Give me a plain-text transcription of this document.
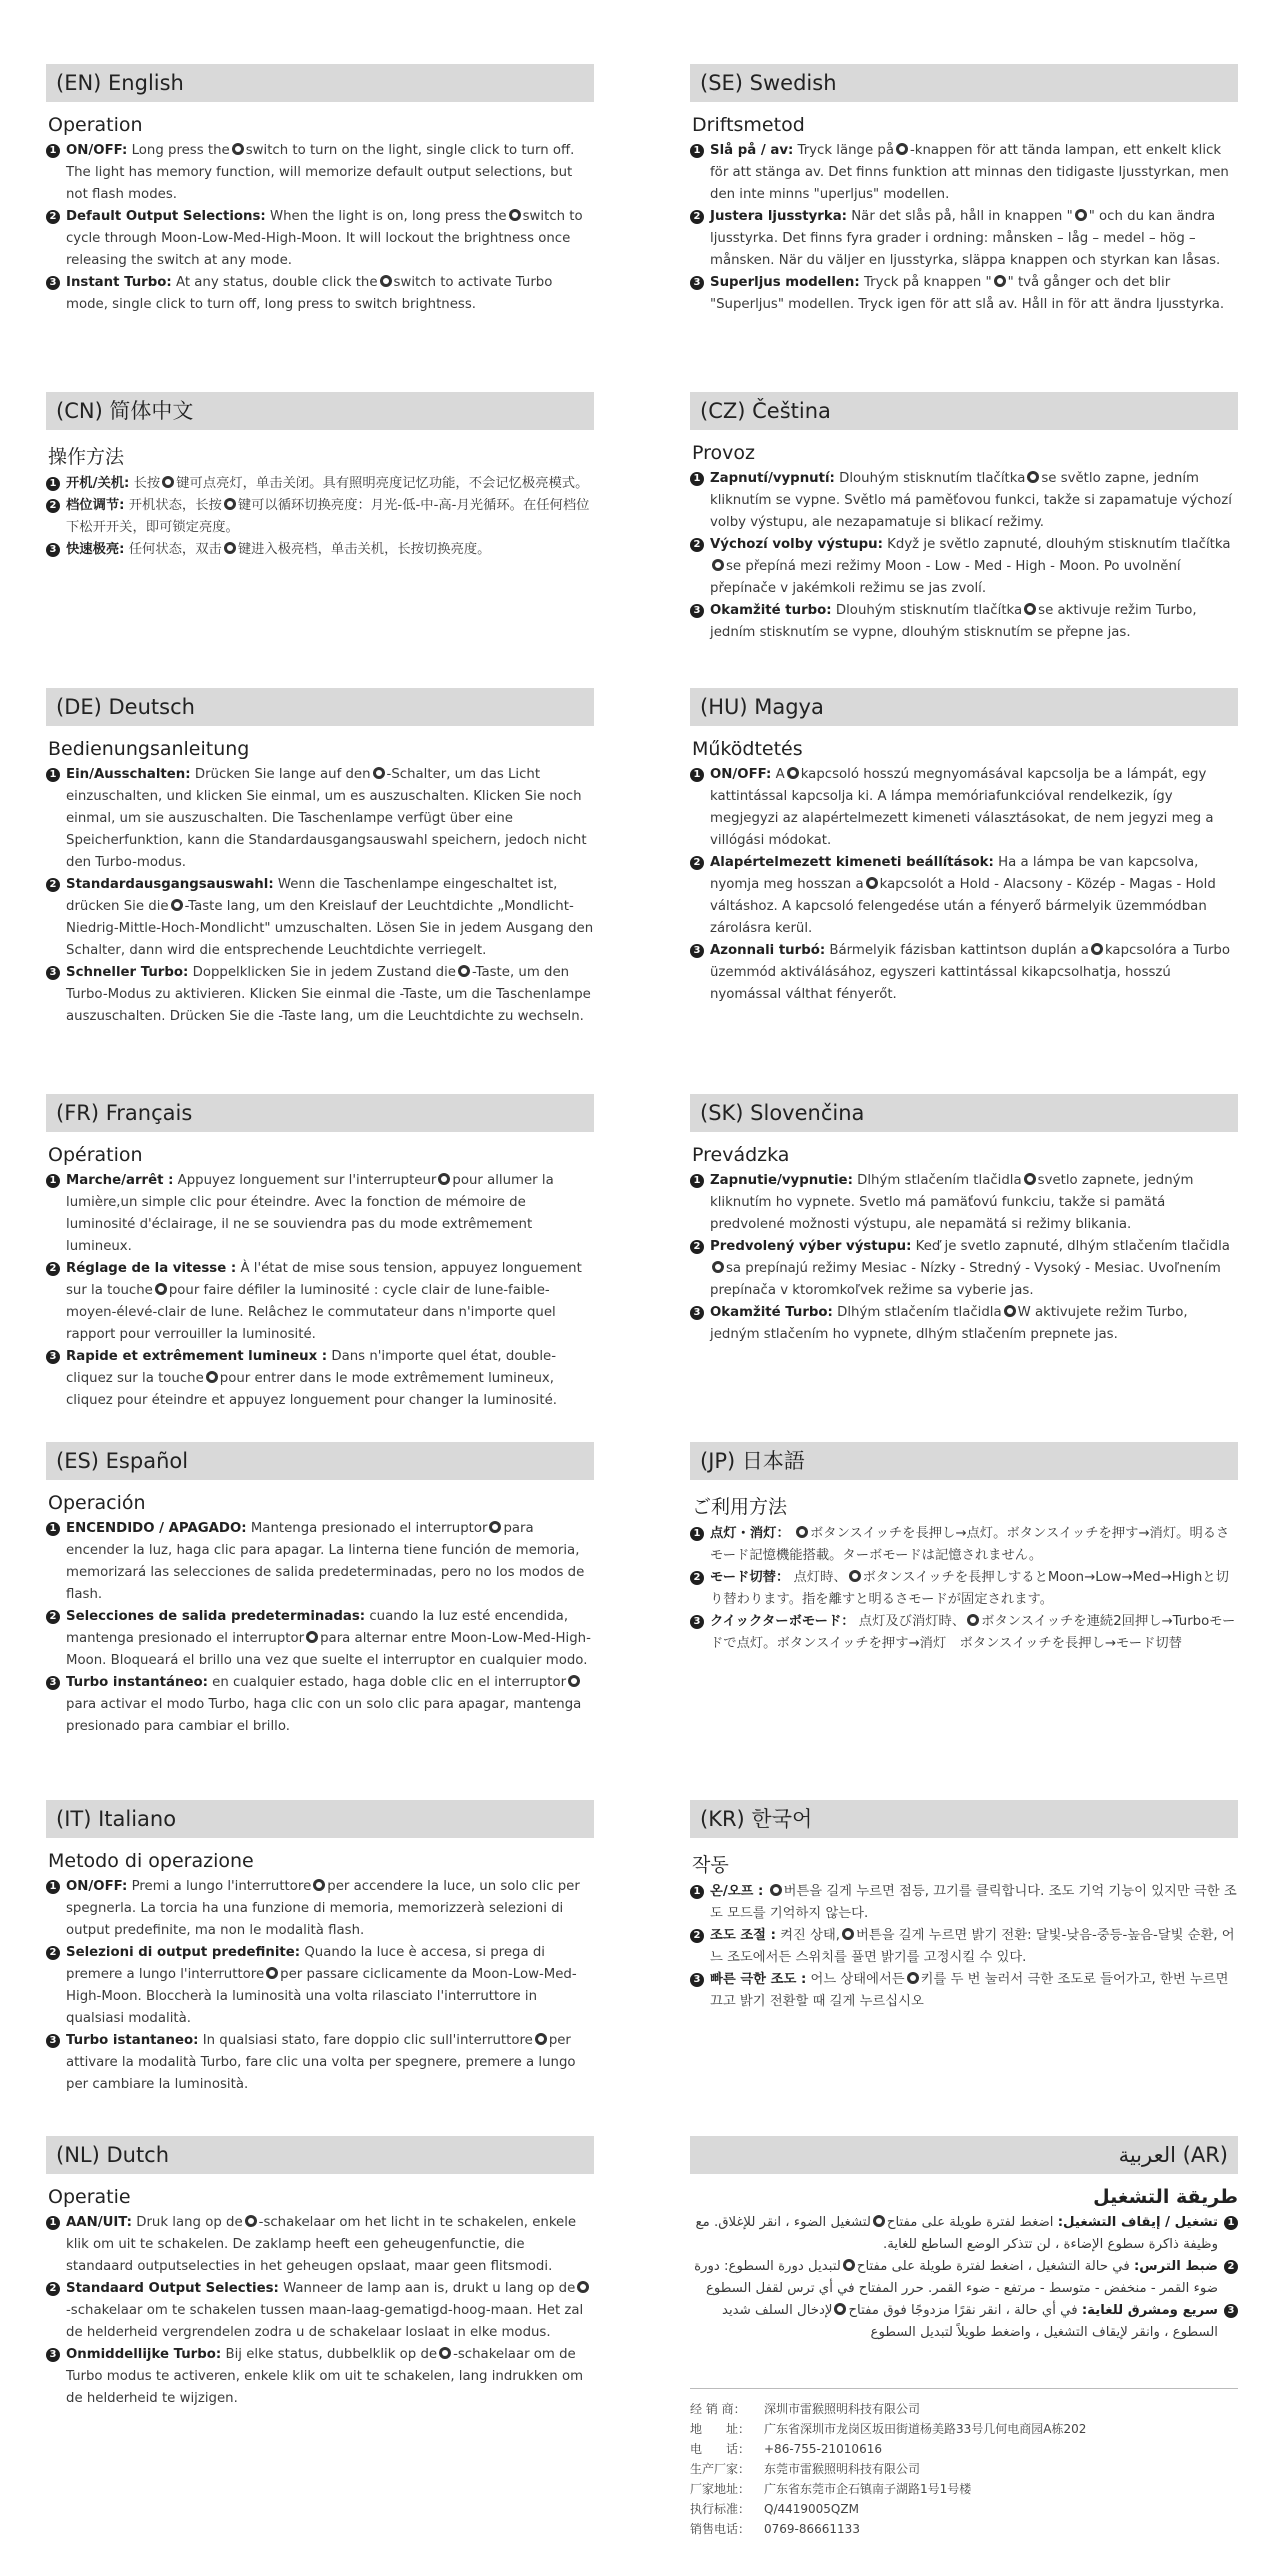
(EN) English
Operation
1 ON/OFF: Long press the switch to turn on the light, single click to turn off. The light has memory function, will memorize default output selections, but not flash modes.
2 Default Output Selections: When the light is on, long press the switch to cycle through Moon-Low-Med-High-Moon. It will lockout the brightness once releasing the switch at any mode.
3 Instant Turbo: At any status, double click the switch to activate Turbo mode, single click to turn off, long press to switch brightness.
(CN) 简体中文
操作方法
1 开机/关机: 长按 键可点亮灯，单击关闭。具有照明亮度记忆功能，不会记忆极亮模式。
2 档位调节: 开机状态，长按 键可以循环切换亮度：月光-低-中-高-月光循环。在任何档位下松开开关，即可锁定亮度。
3 快速极亮: 任何状态，双击 键进入极亮档，单击关机，长按切换亮度。
(DE) Deutsch
Bedienungsanleitung
1 Ein/Ausschalten: Drücken Sie lange auf den -Schalter, um das Licht einzuschalten, und klicken Sie einmal, um es auszuschalten. Klicken Sie noch einmal, um sie auszuschalten. Die Taschenlampe verfügt über eine Speicherfunktion, kann die Standardausgangsauswahl speichern, jedoch nicht den Turbo-modus.
2 Standardausgangsauswahl: Wenn die Taschenlampe eingeschaltet ist, drücken Sie die -Taste lang, um den Kreislauf der Leuchtdichte „Mondlicht-Niedrig-Mittle-Hoch-Mondlicht" umzuschalten. Lösen Sie in jedem Ausgang den Schalter, dann wird die entsprechende Leuchtdichte verriegelt.
3 Schneller Turbo: Doppelklicken Sie in jedem Zustand die -Taste, um den Turbo-Modus zu aktivieren. Klicken Sie einmal die -Taste, um die Taschenlampe auszuschalten. Drücken Sie die -Taste lang, um die Leuchtdichte zu wechseln.
(FR) Français
Opération
1 Marche/arrêt : Appuyez longuement sur l'interrupteur pour allumer la lumière,un simple clic pour éteindre. Avec la fonction de mémoire de luminosité d'éclairage, il ne se souviendra pas du mode extrêmement lumineux.
2 Réglage de la vitesse : À l'état de mise sous tension, appuyez longuement sur la touche pour faire défiler la luminosité : cycle clair de lune-faible-moyen-élevé-clair de lune. Relâchez le commutateur dans n'importe quel rapport pour verrouiller la luminosité.
3 Rapide et extrêmement lumineux : Dans n'importe quel état, double-cliquez sur la touche pour entrer dans le mode extrêmement lumineux, cliquez pour éteindre et appuyez longuement pour changer la luminosité.
(ES) Español
Operación
1 ENCENDIDO / APAGADO: Mantenga presionado el interruptor para encender la luz, haga clic para apagar. La linterna tiene función de memoria, memorizará las selecciones de salida predeterminadas, pero no los modos de flash.
2 Selecciones de salida predeterminadas: cuando la luz esté encendida, mantenga presionado el interruptor para alternar entre Moon-Low-Med-High-Moon. Bloqueará el brillo una vez que suelte el interruptor en cualquier modo.
3 Turbo instantáneo: en cualquier estado, haga doble clic en el interruptorpara activar el modo Turbo, haga clic con un solo clic para apagar, mantenga presionado para cambiar el brillo.
(IT) Italiano
Metodo di operazione
1 ON/OFF: Premi a lungo l'interruttore per accendere la luce, un solo clic per spegnerla. La torcia ha una funzione di memoria, memorizzerà selezioni di output predefinite, ma non le modalità flash.
2 Selezioni di output predefinite: Quando la luce è accesa, si prega di premere a lungo l'interruttore per passare ciclicamente da Moon-Low-Med-High-Moon. Bloccherà la luminosità una volta rilasciato l'interruttore in qualsiasi modalità.
3 Turbo istantaneo: In qualsiasi stato, fare doppio clic sull'interruttore per attivare la modalità Turbo, fare clic una volta per spegnere, premere a lungo per cambiare la luminosità.
(NL) Dutch
Operatie
1 AAN/UIT: Druk lang op de -schakelaar om het licht in te schakelen, enkele klik om uit te schakelen. De zaklamp heeft een geheugenfunctie, die standaard outputselecties in het geheugen opslaat, maar geen flitsmodi.
2 Standaard Output Selecties: Wanneer de lamp aan is, drukt u lang op de-schakelaar om te schakelen tussen maan-laag-gematigd-hoog-maan. Het zal de helderheid vergrendelen zodra u de schakelaar loslaat in elke modus.
3 Onmiddellijke Turbo: Bij elke status, dubbelklik op de -schakelaar om de Turbo modus te activeren, enkele klik om uit te schakelen, lang indrukken om de helderheid te wijzigen.
(SE) Swedish
Driftsmetod
1 Slå på / av: Tryck länge på -knappen för att tända lampan, ett enkelt klick för att stänga av. Det finns funktion att minnas den tidigaste ljusstyrkan, men den inte minns "uperljus" modellen.
2 Justera ljusstyrka: När det slås på, håll in knappen " " och du kan ändra ljusstyrka. Det finns fyra grader i ordning: månsken – låg – medel – hög – månsken. När du väljer en ljusstyrka, släppa knappen och styrkan kan låsas.
3 Superljus modellen: Tryck på knappen " " två gånger och det blir "Superljus" modellen. Tryck igen för att slå av. Håll in för att ändra ljusstyrka.
(CZ) Čeština
Provoz
1 Zapnutí/vypnutí: Dlouhým stisknutím tlačítka se světlo zapne, jedním kliknutím se vypne. Světlo má paměťovou funkci, takže si zapamatuje výchozí volby výstupu, ale nezapamatuje si blikací režimy.
2 Výchozí volby výstupu: Když je světlo zapnuté, dlouhým stisknutím tlačítkase přepíná mezi režimy Moon - Low - Med - High - Moon. Po uvolnění přepínače v jakémkoli režimu se jas zvolí.
3 Okamžité turbo: Dlouhým stisknutím tlačítka se aktivuje režim Turbo, jedním stisknutím se vypne, dlouhým stisknutím se přepne jas.
(HU) Magya
Működtetés
1 ON/OFF: A kapcsoló hosszú megnyomásával kapcsolja be a lámpát, egy kattintással kapcsolja ki. A lámpa memóriafunkcióval rendelkezik, így megjegyzi az alapértelmezett kimeneti választásokat, de nem jegyzi meg a villógási módokat.
2 Alapértelmezett kimeneti beállítások: Ha a lámpa be van kapcsolva, nyomja meg hosszan a kapcsolót a Hold - Alacsony - Közép - Magas - Hold váltáshoz. A kapcsoló felengedése után a fényerő bármelyik üzemmódban zárolásra kerül.
3 Azonnali turbó: Bármelyik fázisban kattintson duplán a kapcsolóra a Turbo üzemmód aktiválásához, egyszeri kattintással kikapcsolhatja, hosszú nyomással válthat fényerőt.
(SK) Slovenčina
Prevádzka
1 Zapnutie/vypnutie: Dlhým stlačením tlačidla svetlo zapnete, jedným kliknutím ho vypnete. Svetlo má pamäťovú funkciu, takže si pamätá predvolené možnosti výstupu, ale nepamätá si režimy blikania.
2 Predvolený výber výstupu: Keď je svetlo zapnuté, dlhým stlačením tlačidlasa prepínajú režimy Mesiac - Nízky - Stredný - Vysoký - Mesiac. Uvoľnením prepínača v ktoromkoľvek režime sa vyberie jas.
3 Okamžité Turbo: Dlhým stlačením tlačidla W aktivujete režim Turbo, jedným stlačením ho vypnete, dlhým stlačením prepnete jas.
(JP) 日本語
ご利用方法
1 点灯・消灯： ボタンスイッチを長押し→点灯。ボタンスイッチを押す→消灯。明るさモード記憶機能搭載。ターボモードは記憶されません。
2 モード切替： 点灯時、 ボタンスイッチを長押しするとMoon→Low→Med→Highと切り替わります。指を離すと明るさモードが固定されます。
3 クイックターボモード： 点灯及び消灯時、 ボタンスイッチを連続2回押し→Turboモードで点灯。ボタンスイッチを押す→消灯　ボタンスイッチを長押し→モード切替
(KR) 한국어
작동
1 온/오프 : 버튼을 길게 누르면 점등, 끄기를 클릭합니다. 조도 기억 기능이 있지만 극한 조도 모드를 기억하지 않는다.
2 조도 조절 : 켜진 상태, 버튼을 길게 누르면 밝기 전환: 달빛-낮음-중등-높음-달빛 순환, 어느 조도에서든 스위치를 풀면 밝기를 고정시킬 수 있다.
3 빠른 극한 조도 : 어느 상태에서든 키를 두 번 눌러서 극한 조도로 들어가고, 한번 누르면 끄고 밝기 전환할 때 길게 누르십시오
(AR) العربية
طريقة التشغيل
1
تشغيل / إيقاف التشغيل: اضغط لفترة طويلة على مفتاحلتشغيل الضوء ، انقر للإغلاق. مع وظيفة ذاكرة سطوع الإضاءة ، لن تتذكر الوضع الساطع للغاية.
2
ضبط الترس: في حالة التشغيل ، اضغط لفترة طويلة على مفتاحلتبديل دورة السطوع: دورة ضوء القمر - منخفض - متوسط - مرتفع - ضوء القمر. حرر المفتاح في أي ترس لقفل السطوع
3
سريع ومشرق للغاية: في أي حالة ، انقر نقرًا مزدوجًا فوق مفتاحلإدخال السلف شديد السطوع ، وانقر لإيقاف التشغيل ، واضغط طويلاً لتبديل السطوع
经 销 商： 深圳市雷猴照明科技有限公司
地　　址： 广东省深圳市龙岗区坂田街道杨美路33号几何电商园A栋202
电　　话： +86-755-21010616
生产厂家： 东莞市雷猴照明科技有限公司
厂家地址： 广东省东莞市企石镇南子湖路1号1号楼
执行标准： Q/4419005QZM
销售电话： 0769-86661133
